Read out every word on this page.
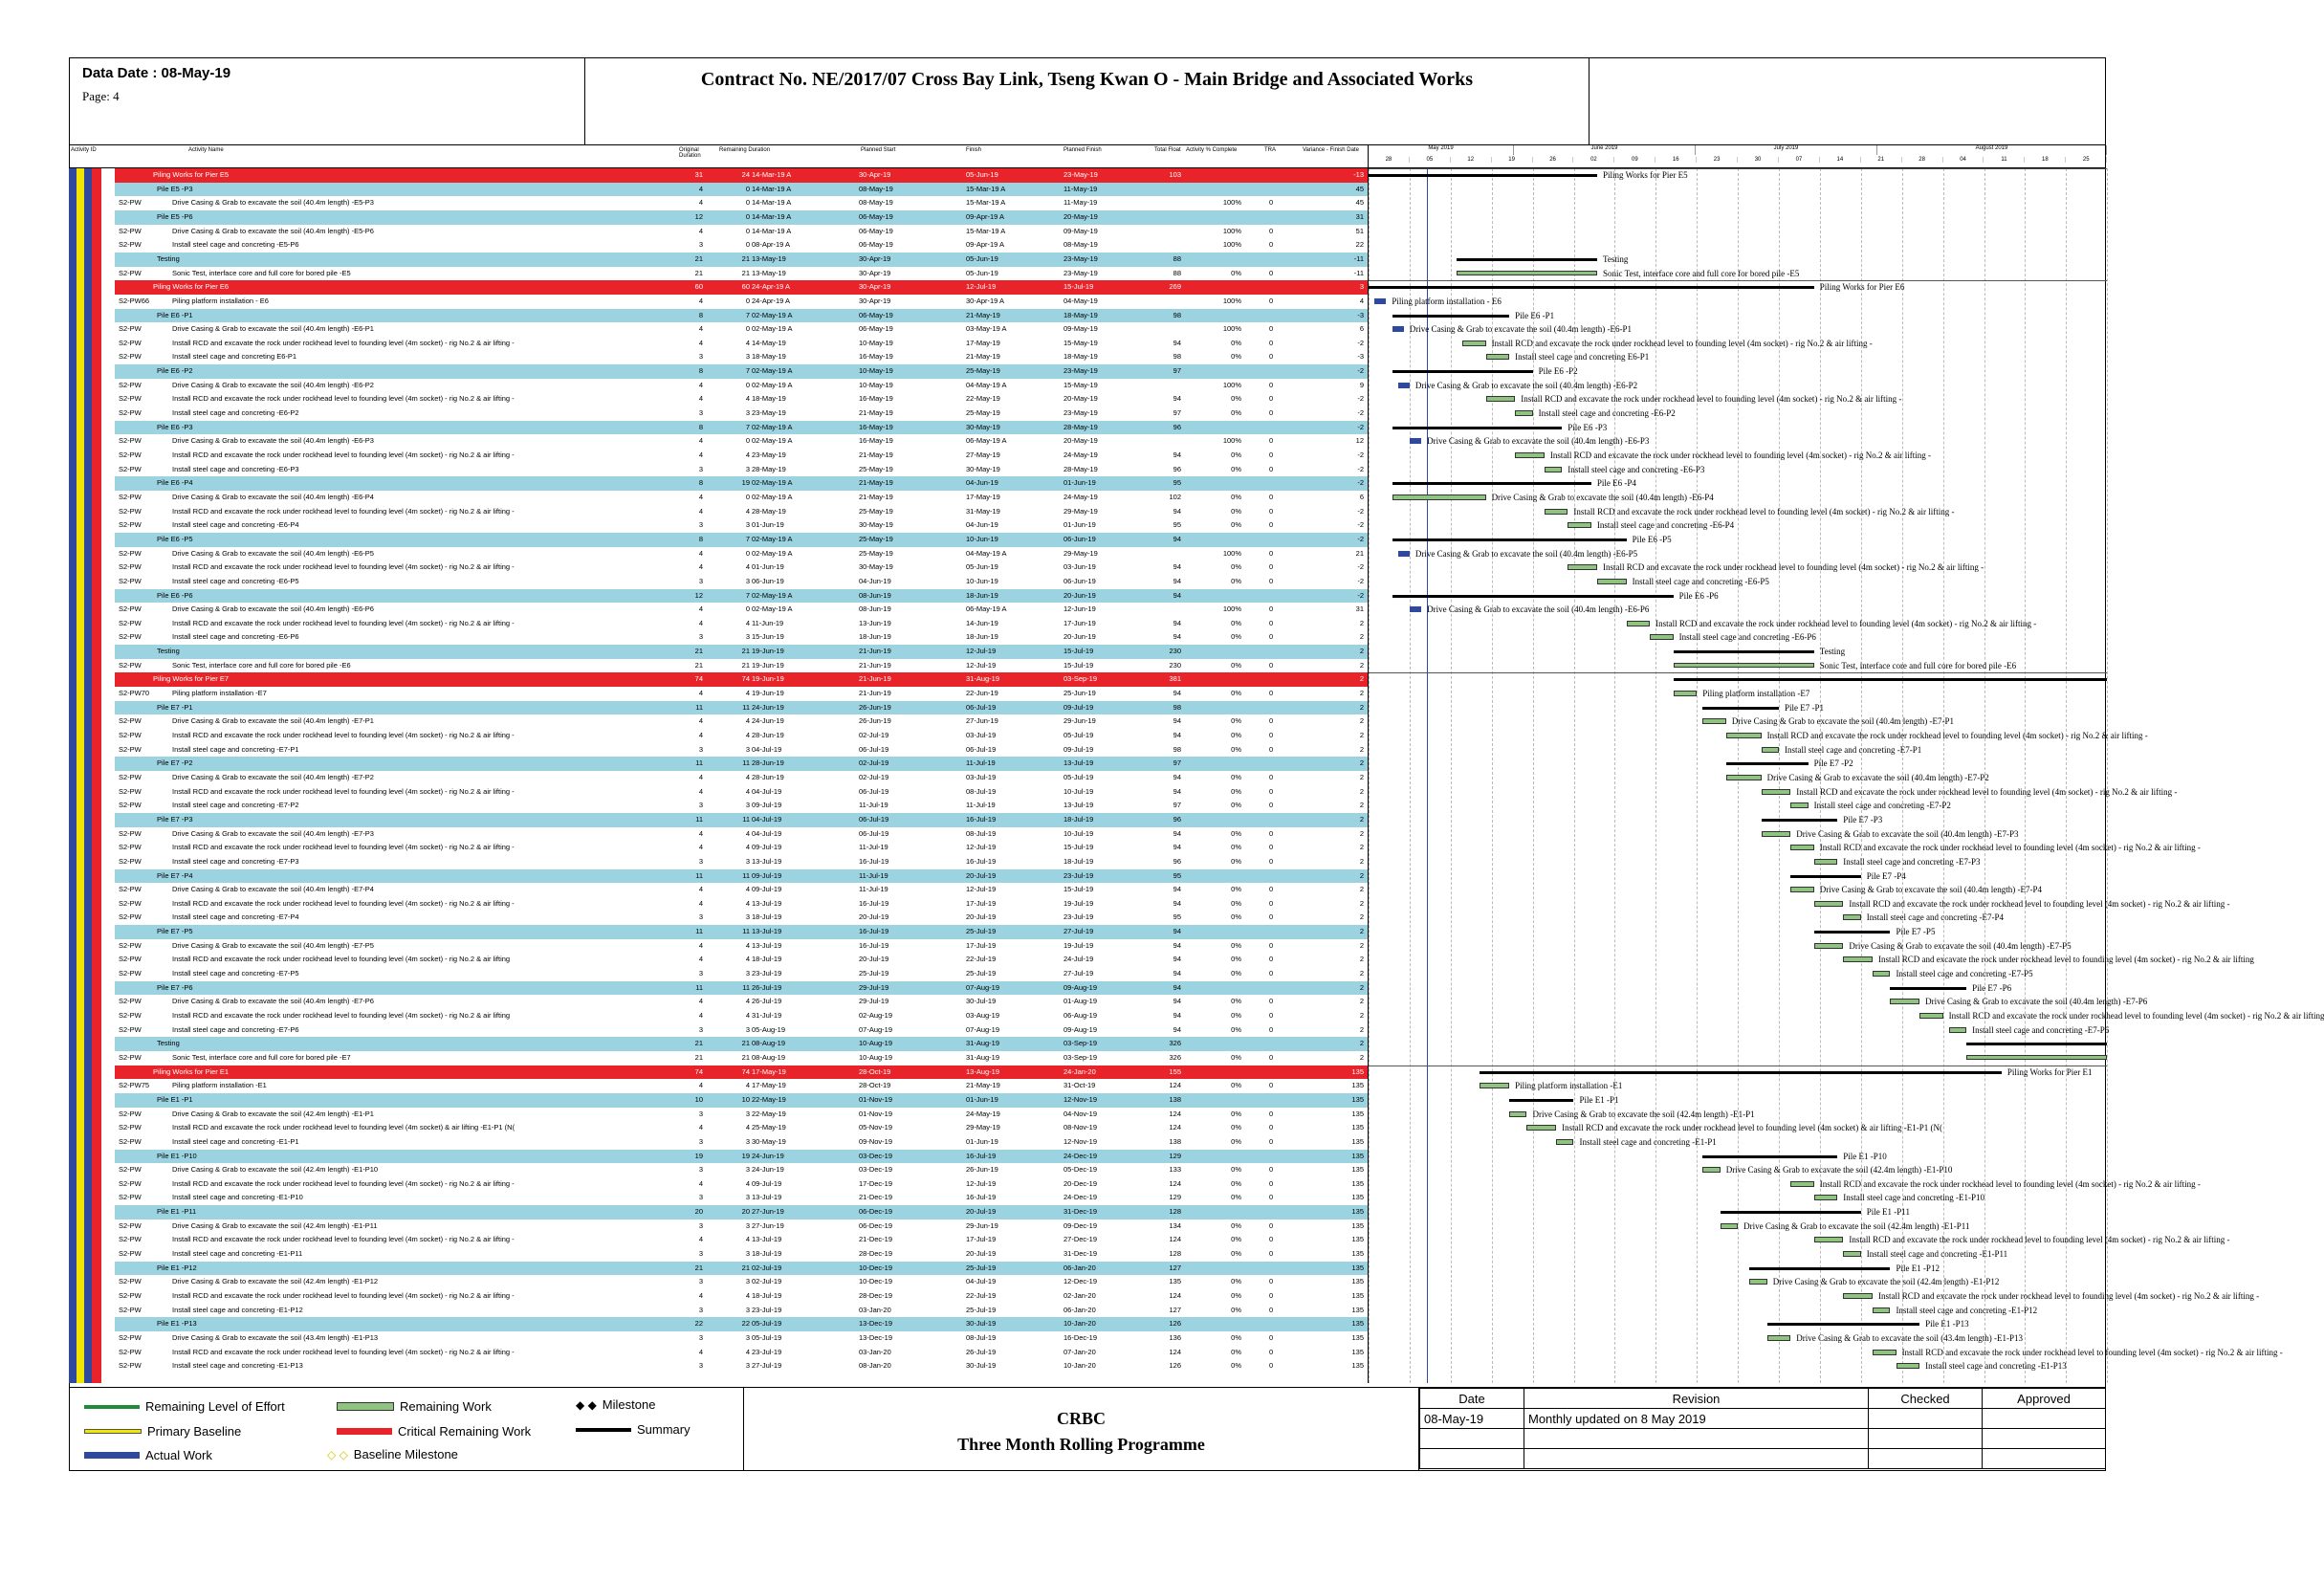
Data Date : 08-May-19
Page: 4
Contract No. NE/2017/07 Cross Bay Link, Tseng Kwan O - Main Bridge and Associated Works
Activity ID	Activity Name	Original Duration
Remaining Duration	Planned Start	Finish	Planned Finish	Total Float Activity % Complete	TRA	Variance - Finish Date	May 2019	June 2019	July 2019	August 2019
28	05	12	19	26	02	09	16	23	30	07	14	21	28	04	11	18	25
Piling Works for Pier E5	31	24 14-Mar-19 A	30-Apr-19	05-Jun-19	23-May-19	103	-13
Pile E5 -P3	4	0 14-Mar-19 A	08-May-19	15-Mar-19 A	11-May-19	45
S2-PW	Drive Casing & Grab to excavate the soil (40.4m length) -E5-P3	4	0 14-Mar-19 A	08-May-19	15-Mar-19 A	11-May-19	100%	0	45
Pile E5 -P6	12	0 14-Mar-19 A	06-May-19	09-Apr-19 A	20-May-19	31
S2-PW	Drive Casing & Grab to excavate the soil (40.4m length) -E5-P6	4	0 14-Mar-19 A	06-May-19	15-Mar-19 A	09-May-19	100%	0	51
S2-PW	Install steel cage and concreting -E5-P6	3	0 08-Apr-19 A	06-May-19	09-Apr-19 A	08-May-19	100%	0	22
Testing	21	21 13-May-19	30-Apr-19	05-Jun-19	23-May-19	88	-11
S2-PW	Sonic Test, interface core and full core for bored pile -E5	21	21 13-May-19	30-Apr-19	05-Jun-19	23-May-19	88	0%	0	-11
Piling Works for Pier E6	60	60 24-Apr-19 A	30-Apr-19	12-Jul-19	15-Jul-19	269	3
S2-PW66	Piling platform installation - E6	4	0 24-Apr-19 A	30-Apr-19	30-Apr-19 A	04-May-19	100%	0	4
Pile E6 -P1	8	7 02-May-19 A	06-May-19	21-May-19	18-May-19	98	-3
S2-PW	Drive Casing & Grab to excavate the soil (40.4m length) -E6-P1	4	0 02-May-19 A	06-May-19	03-May-19 A	09-May-19	100%	0	6
S2-PW	Install RCD and excavate the rock under rockhead level to founding level (4m socket) - rig No.2 & air lifting -	4	4 14-May-19	10-May-19	17-May-19	15-May-19	94	0%	0	-2
S2-PW	Install steel cage and concreting E6-P1	3	3 18-May-19	16-May-19	21-May-19	18-May-19	98	0%	0	-3
Pile E6 -P2	8	7 02-May-19 A	10-May-19	25-May-19	23-May-19	97	-2
S2-PW	Drive Casing & Grab to excavate the soil (40.4m length) -E6-P2	4	0 02-May-19 A	10-May-19	04-May-19 A	15-May-19	100%	0	9
S2-PW	Install RCD and excavate the rock under rockhead level to founding level (4m socket) - rig No.2 & air lifting -	4	4 18-May-19	16-May-19	22-May-19	20-May-19	94	0%	0	-2
S2-PW	Install steel cage and concreting -E6-P2	3	3 23-May-19	21-May-19	25-May-19	23-May-19	97	0%	0	-2
Pile E6 -P3	8	7 02-May-19 A	16-May-19	30-May-19	28-May-19	96	-2
S2-PW	Drive Casing & Grab to excavate the soil (40.4m length) -E6-P3	4	0 02-May-19 A	16-May-19	06-May-19 A	20-May-19	100%	0	12
S2-PW	Install RCD and excavate the rock under rockhead level to founding level (4m socket) - rig No.2 & air lifting -	4	4 23-May-19	21-May-19	27-May-19	24-May-19	94	0%	0	-2
S2-PW	Install steel cage and concreting -E6-P3	3	3 28-May-19	25-May-19	30-May-19	28-May-19	96	0%	0	-2
Pile E6 -P4	8	19 02-May-19 A	21-May-19	04-Jun-19	01-Jun-19	95	-2
S2-PW	Drive Casing & Grab to excavate the soil (40.4m length) -E6-P4	4	0 02-May-19 A	21-May-19	17-May-19	24-May-19	102	0%	0	6
S2-PW	Install RCD and excavate the rock under rockhead level to founding level (4m socket) - rig No.2 & air lifting -	4	4 28-May-19	25-May-19	31-May-19	29-May-19	94	0%	0	-2
S2-PW	Install steel cage and concreting -E6-P4	3	3 01-Jun-19	30-May-19	04-Jun-19	01-Jun-19	95	0%	0	-2
Pile E6 -P5	8	7 02-May-19 A	25-May-19	10-Jun-19	06-Jun-19	94	-2
S2-PW	Drive Casing & Grab to excavate the soil (40.4m length) -E6-P5	4	0 02-May-19 A	25-May-19	04-May-19 A	29-May-19	100%	0	21
S2-PW	Install RCD and excavate the rock under rockhead level to founding level (4m socket) - rig No.2 & air lifting -	4	4 01-Jun-19	30-May-19	05-Jun-19	03-Jun-19	94	0%	0	-2
S2-PW	Install steel cage and concreting -E6-P5	3	3 06-Jun-19	04-Jun-19	10-Jun-19	06-Jun-19	94	0%	0	-2
Pile E6 -P6	12	7 02-May-19 A	08-Jun-19	18-Jun-19	20-Jun-19	94	-2
S2-PW	Drive Casing & Grab to excavate the soil (40.4m length) -E6-P6	4	0 02-May-19 A	08-Jun-19	06-May-19 A	12-Jun-19	100%	0	31
S2-PW	Install RCD and excavate the rock under rockhead level to founding level (4m socket) - rig No.2 & air lifting -	4	4 11-Jun-19	13-Jun-19	14-Jun-19	17-Jun-19	94	0%	0	2
S2-PW	Install steel cage and concreting -E6-P6	3	3 15-Jun-19	18-Jun-19	18-Jun-19	20-Jun-19	94	0%	0	2
Testing	21	21 19-Jun-19	21-Jun-19	12-Jul-19	15-Jul-19	230	2
S2-PW	Sonic Test, interface core and full core for bored pile -E6	21	21 19-Jun-19	21-Jun-19	12-Jul-19	15-Jul-19	230	0%	0	2
Piling Works for Pier E7	74	74 19-Jun-19	21-Jun-19	31-Aug-19	03-Sep-19	381	2
S2-PW70	Piling platform installation -E7	4	4 19-Jun-19	21-Jun-19	22-Jun-19	25-Jun-19	94	0%	0	2
Pile E7 -P1	11	11 24-Jun-19	26-Jun-19	06-Jul-19	09-Jul-19	98	2
S2-PW	Drive Casing & Grab to excavate the soil (40.4m length) -E7-P1	4	4 24-Jun-19	26-Jun-19	27-Jun-19	29-Jun-19	94	0%	0	2
S2-PW	Install RCD and excavate the rock under rockhead level to founding level (4m socket) - rig No.2 & air lifting -	4	4 28-Jun-19	02-Jul-19	03-Jul-19	05-Jul-19	94	0%	0	2
S2-PW	Install steel cage and concreting -E7-P1	3	3 04-Jul-19	06-Jul-19	06-Jul-19	09-Jul-19	98	0%	0	2
Pile E7 -P2	11	11 28-Jun-19	02-Jul-19	11-Jul-19	13-Jul-19	97	2
S2-PW	Drive Casing & Grab to excavate the soil (40.4m length) -E7-P2	4	4 28-Jun-19	02-Jul-19	03-Jul-19	05-Jul-19	94	0%	0	2
S2-PW	Install RCD and excavate the rock under rockhead level to founding level (4m socket) - rig No.2 & air lifting -	4	4 04-Jul-19	06-Jul-19	08-Jul-19	10-Jul-19	94	0%	0	2
S2-PW	Install steel cage and concreting -E7-P2	3	3 09-Jul-19	11-Jul-19	11-Jul-19	13-Jul-19	97	0%	0	2
Pile E7 -P3	11	11 04-Jul-19	06-Jul-19	16-Jul-19	18-Jul-19	96	2
S2-PW	Drive Casing & Grab to excavate the soil (40.4m length) -E7-P3	4	4 04-Jul-19	06-Jul-19	08-Jul-19	10-Jul-19	94	0%	0	2
S2-PW	Install RCD and excavate the rock under rockhead level to founding level (4m socket) - rig No.2 & air lifting -	4	4 09-Jul-19	11-Jul-19	12-Jul-19	15-Jul-19	94	0%	0	2
S2-PW	Install steel cage and concreting -E7-P3	3	3 13-Jul-19	16-Jul-19	16-Jul-19	18-Jul-19	96	0%	0	2
Pile E7 -P4	11	11 09-Jul-19	11-Jul-19	20-Jul-19	23-Jul-19	95	2
S2-PW	Drive Casing & Grab to excavate the soil (40.4m length) -E7-P4	4	4 09-Jul-19	11-Jul-19	12-Jul-19	15-Jul-19	94	0%	0	2
S2-PW	Install RCD and excavate the rock under rockhead level to founding level (4m socket) - rig No.2 & air lifting -	4	4 13-Jul-19	16-Jul-19	17-Jul-19	19-Jul-19	94	0%	0	2
S2-PW	Install steel cage and concreting -E7-P4	3	3 18-Jul-19	20-Jul-19	20-Jul-19	23-Jul-19	95	0%	0	2
Pile E7 -P5	11	11 13-Jul-19	16-Jul-19	25-Jul-19	27-Jul-19	94	2
S2-PW	Drive Casing & Grab to excavate the soil (40.4m length) -E7-P5	4	4 13-Jul-19	16-Jul-19	17-Jul-19	19-Jul-19	94	0%	0	2
S2-PW	Install RCD and excavate the rock under rockhead level to founding level (4m socket) - rig No.2 & air lifting	4	4 18-Jul-19	20-Jul-19	22-Jul-19	24-Jul-19	94	0%	0	2
S2-PW	Install steel cage and concreting -E7-P5	3	3 23-Jul-19	25-Jul-19	25-Jul-19	27-Jul-19	94	0%	0	2
Pile E7 -P6	11	11 26-Jul-19	29-Jul-19	07-Aug-19	09-Aug-19	94	2
S2-PW	Drive Casing & Grab to excavate the soil (40.4m length) -E7-P6	4	4 26-Jul-19	29-Jul-19	30-Jul-19	01-Aug-19	94	0%	0	2
S2-PW	Install RCD and excavate the rock under rockhead level to founding level (4m socket) - rig No.2 & air lifting	4	4 31-Jul-19	02-Aug-19	03-Aug-19	06-Aug-19	94	0%	0	2
S2-PW	Install steel cage and concreting -E7-P6	3	3 05-Aug-19	07-Aug-19	07-Aug-19	09-Aug-19	94	0%	0	2
Testing	21	21 08-Aug-19	10-Aug-19	31-Aug-19	03-Sep-19	326	2
S2-PW	Sonic Test, interface core and full core for bored pile -E7	21	21 08-Aug-19	10-Aug-19	31-Aug-19	03-Sep-19	326	0%	0	2
Piling Works for Pier E1	74	74 17-May-19	28-Oct-19	13-Aug-19	24-Jan-20	155	135
S2-PW75	Piling platform installation -E1	4	4 17-May-19	28-Oct-19	21-May-19	31-Oct-19	124	0%	0	135
Pile E1 -P1	10	10 22-May-19	01-Nov-19	01-Jun-19	12-Nov-19	138	135
S2-PW	Drive Casing & Grab to excavate the soil (42.4m length) -E1-P1	3	3 22-May-19	01-Nov-19	24-May-19	04-Nov-19	124	0%	0	135
S2-PW	Install RCD and excavate the rock under rockhead level to founding level (4m socket) & air lifting -E1-P1 (N(	4	4 25-May-19	05-Nov-19	29-May-19	08-Nov-19	124	0%	0	135
S2-PW	Install steel cage and concreting -E1-P1	3	3 30-May-19	09-Nov-19	01-Jun-19	12-Nov-19	138	0%	0	135
Pile E1 -P10	19	19 24-Jun-19	03-Dec-19	16-Jul-19	24-Dec-19	129	135
S2-PW	Drive Casing & Grab to excavate the soil (42.4m length) -E1-P10	3	3 24-Jun-19	03-Dec-19	26-Jun-19	05-Dec-19	133	0%	0	135
S2-PW	Install RCD and excavate the rock under rockhead level to founding level (4m socket) - rig No.2 & air lifting -	4	4 09-Jul-19	17-Dec-19	12-Jul-19	20-Dec-19	124	0%	0	135
S2-PW	Install steel cage and concreting -E1-P10	3	3 13-Jul-19	21-Dec-19	16-Jul-19	24-Dec-19	129	0%	0	135
Pile E1 -P11	20	20 27-Jun-19	06-Dec-19	20-Jul-19	31-Dec-19	128	135
S2-PW	Drive Casing & Grab to excavate the soil (42.4m length) -E1-P11	3	3 27-Jun-19	06-Dec-19	29-Jun-19	09-Dec-19	134	0%	0	135
S2-PW	Install RCD and excavate the rock under rockhead level to founding level (4m socket) - rig No.2 & air lifting -	4	4 13-Jul-19	21-Dec-19	17-Jul-19	27-Dec-19	124	0%	0	135
S2-PW	Install steel cage and concreting -E1-P11	3	3 18-Jul-19	28-Dec-19	20-Jul-19	31-Dec-19	128	0%	0	135
Pile E1 -P12	21	21 02-Jul-19	10-Dec-19	25-Jul-19	06-Jan-20	127	135
S2-PW	Drive Casing & Grab to excavate the soil (42.4m length) -E1-P12	3	3 02-Jul-19	10-Dec-19	04-Jul-19	12-Dec-19	135	0%	0	135
S2-PW	Install RCD and excavate the rock under rockhead level to founding level (4m socket) - rig No.2 & air lifting -	4	4 18-Jul-19	28-Dec-19	22-Jul-19	02-Jan-20	124	0%	0	135
S2-PW	Install steel cage and concreting -E1-P12	3	3 23-Jul-19	03-Jan-20	25-Jul-19	06-Jan-20	127	0%	0	135
Pile E1 -P13	22	22 05-Jul-19	13-Dec-19	30-Jul-19	10-Jan-20	126	135
S2-PW	Drive Casing & Grab to excavate the soil (43.4m length) -E1-P13	3	3 05-Jul-19	13-Dec-19	08-Jul-19	16-Dec-19	136	0%	0	135
S2-PW	Install RCD and excavate the rock under rockhead level to founding level (4m socket) - rig No.2 & air lifting -	4	4 23-Jul-19	03-Jan-20	26-Jul-19	07-Jan-20	124	0%	0	135
S2-PW	Install steel cage and concreting -E1-P13	3	3 27-Jul-19	08-Jan-20	30-Jul-19	10-Jan-20	126	0%	0	135
Piling Works for Pier E5
Testing
Sonic Test, interface core and full core for bored pile -E5
Piling Works for Pier E6
Piling platform installation - E6
Pile E6 -P1
Drive Casing & Grab to excavate the soil (40.4m length) -E6-P1
Install RCD and excavate the rock under rockhead level to founding level (4m socket) - rig No.2 & air lifting -
Install steel cage and concreting E6-P1
Pile E6 -P2
Drive Casing & Grab to excavate the soil (40.4m length) -E6-P2
Install RCD and excavate the rock under rockhead level to founding level (4m socket) - rig No.2 & air lifting -
Install steel cage and concreting -E6-P2
Pile E6 -P3
Drive Casing & Grab to excavate the soil (40.4m length) -E6-P3
Install RCD and excavate the rock under rockhead level to founding level (4m socket) - rig No.2 & air lifting -
Install steel cage and concreting -E6-P3
Pile E6 -P4
Drive Casing & Grab to excavate the soil (40.4m length) -E6-P4
Install RCD and excavate the rock under rockhead level to founding level (4m socket) - rig No.2 & air lifting -
Install steel cage and concreting -E6-P4
Pile E6 -P5
Drive Casing & Grab to excavate the soil (40.4m length) -E6-P5
Install RCD and excavate the rock under rockhead level to founding level (4m socket) - rig No.2 & air lifting -
Install steel cage and concreting -E6-P5
Pile E6 -P6
Drive Casing & Grab to excavate the soil (40.4m length) -E6-P6
Install RCD and excavate the rock under rockhead level to founding level (4m socket) - rig No.2 & air lifting -
Install steel cage and concreting -E6-P6
Testing
Sonic Test, interface core and full core for bored pile -E6
Piling platform installation -E7
Pile E7 -P1
Drive Casing & Grab to excavate the soil (40.4m length) -E7-P1
Install RCD and excavate the rock under rockhead level to founding level (4m socket) - rig No.2 & air lifting -
Install steel cage and concreting -E7-P1
Pile E7 -P2
Drive Casing & Grab to excavate the soil (40.4m length) -E7-P2
Install RCD and excavate the rock under rockhead level to founding level (4m socket) - rig No.2 & air lifting -
Install steel cage and concreting -E7-P2
Pile E7 -P3
Drive Casing & Grab to excavate the soil (40.4m length) -E7-P3
Install RCD and excavate the rock under rockhead level to founding level (4m socket) - rig No.2 & air lifting -
Install steel cage and concreting -E7-P3
Pile E7 -P4
Drive Casing & Grab to excavate the soil (40.4m length) -E7-P4
Install RCD and excavate the rock under rockhead level to founding level (4m socket) - rig No.2 & air lifting -
Install steel cage and concreting -E7-P4
Pile E7 -P5
Drive Casing & Grab to excavate the soil (40.4m length) -E7-P5
Install RCD and excavate the rock under rockhead level to founding level (4m socket) - rig No.2 & air lifting
Install steel cage and concreting -E7-P5
Pile E7 -P6
Drive Casing & Grab to excavate the soil (40.4m length) -E7-P6
Install RCD and excavate the rock under rockhead level to founding level (4m socket) - rig No.2 & air lifting
Install steel cage and concreting -E7-P6
Piling Works for Pier E1
Piling platform installation -E1
Pile E1 -P1
Drive Casing & Grab to excavate the soil (42.4m length) -E1-P1
Install RCD and excavate the rock under rockhead level to founding level (4m socket) & air lifting -E1-P1 (N(
Install steel cage and concreting -E1-P1
Pile E1 -P10
Drive Casing & Grab to excavate the soil (42.4m length) -E1-P10
Install RCD and excavate the rock under rockhead level to founding level (4m socket) - rig No.2 & air lifting -
Install steel cage and concreting -E1-P10
Pile E1 -P11
Drive Casing & Grab to excavate the soil (42.4m length) -E1-P11
Install RCD and excavate the rock under rockhead level to founding level (4m socket) - rig No.2 & air lifting -
Install steel cage and concreting -E1-P11
Pile E1 -P12
Drive Casing & Grab to excavate the soil (42.4m length) -E1-P12
Install RCD and excavate the rock under rockhead level to founding level (4m socket) - rig No.2 & air lifting -
Install steel cage and concreting -E1-P12
Pile E1 -P13
Drive Casing & Grab to excavate the soil (43.4m length) -E1-P13
Install RCD and excavate the rock under rockhead level to founding level (4m socket) - rig No.2 & air lifting -
Install steel cage and concreting -E1-P13
Remaining Level of Effort
Primary Baseline
Actual Work
Remaining Work
Critical Remaining Work
◆ ◆ Milestone
Summary
◇ ◇ Baseline Milestone
CRBC
Three Month Rolling Programme
Date	Revision	Checked	Approved
08-May-19	Monthly updated on 8 May 2019		
